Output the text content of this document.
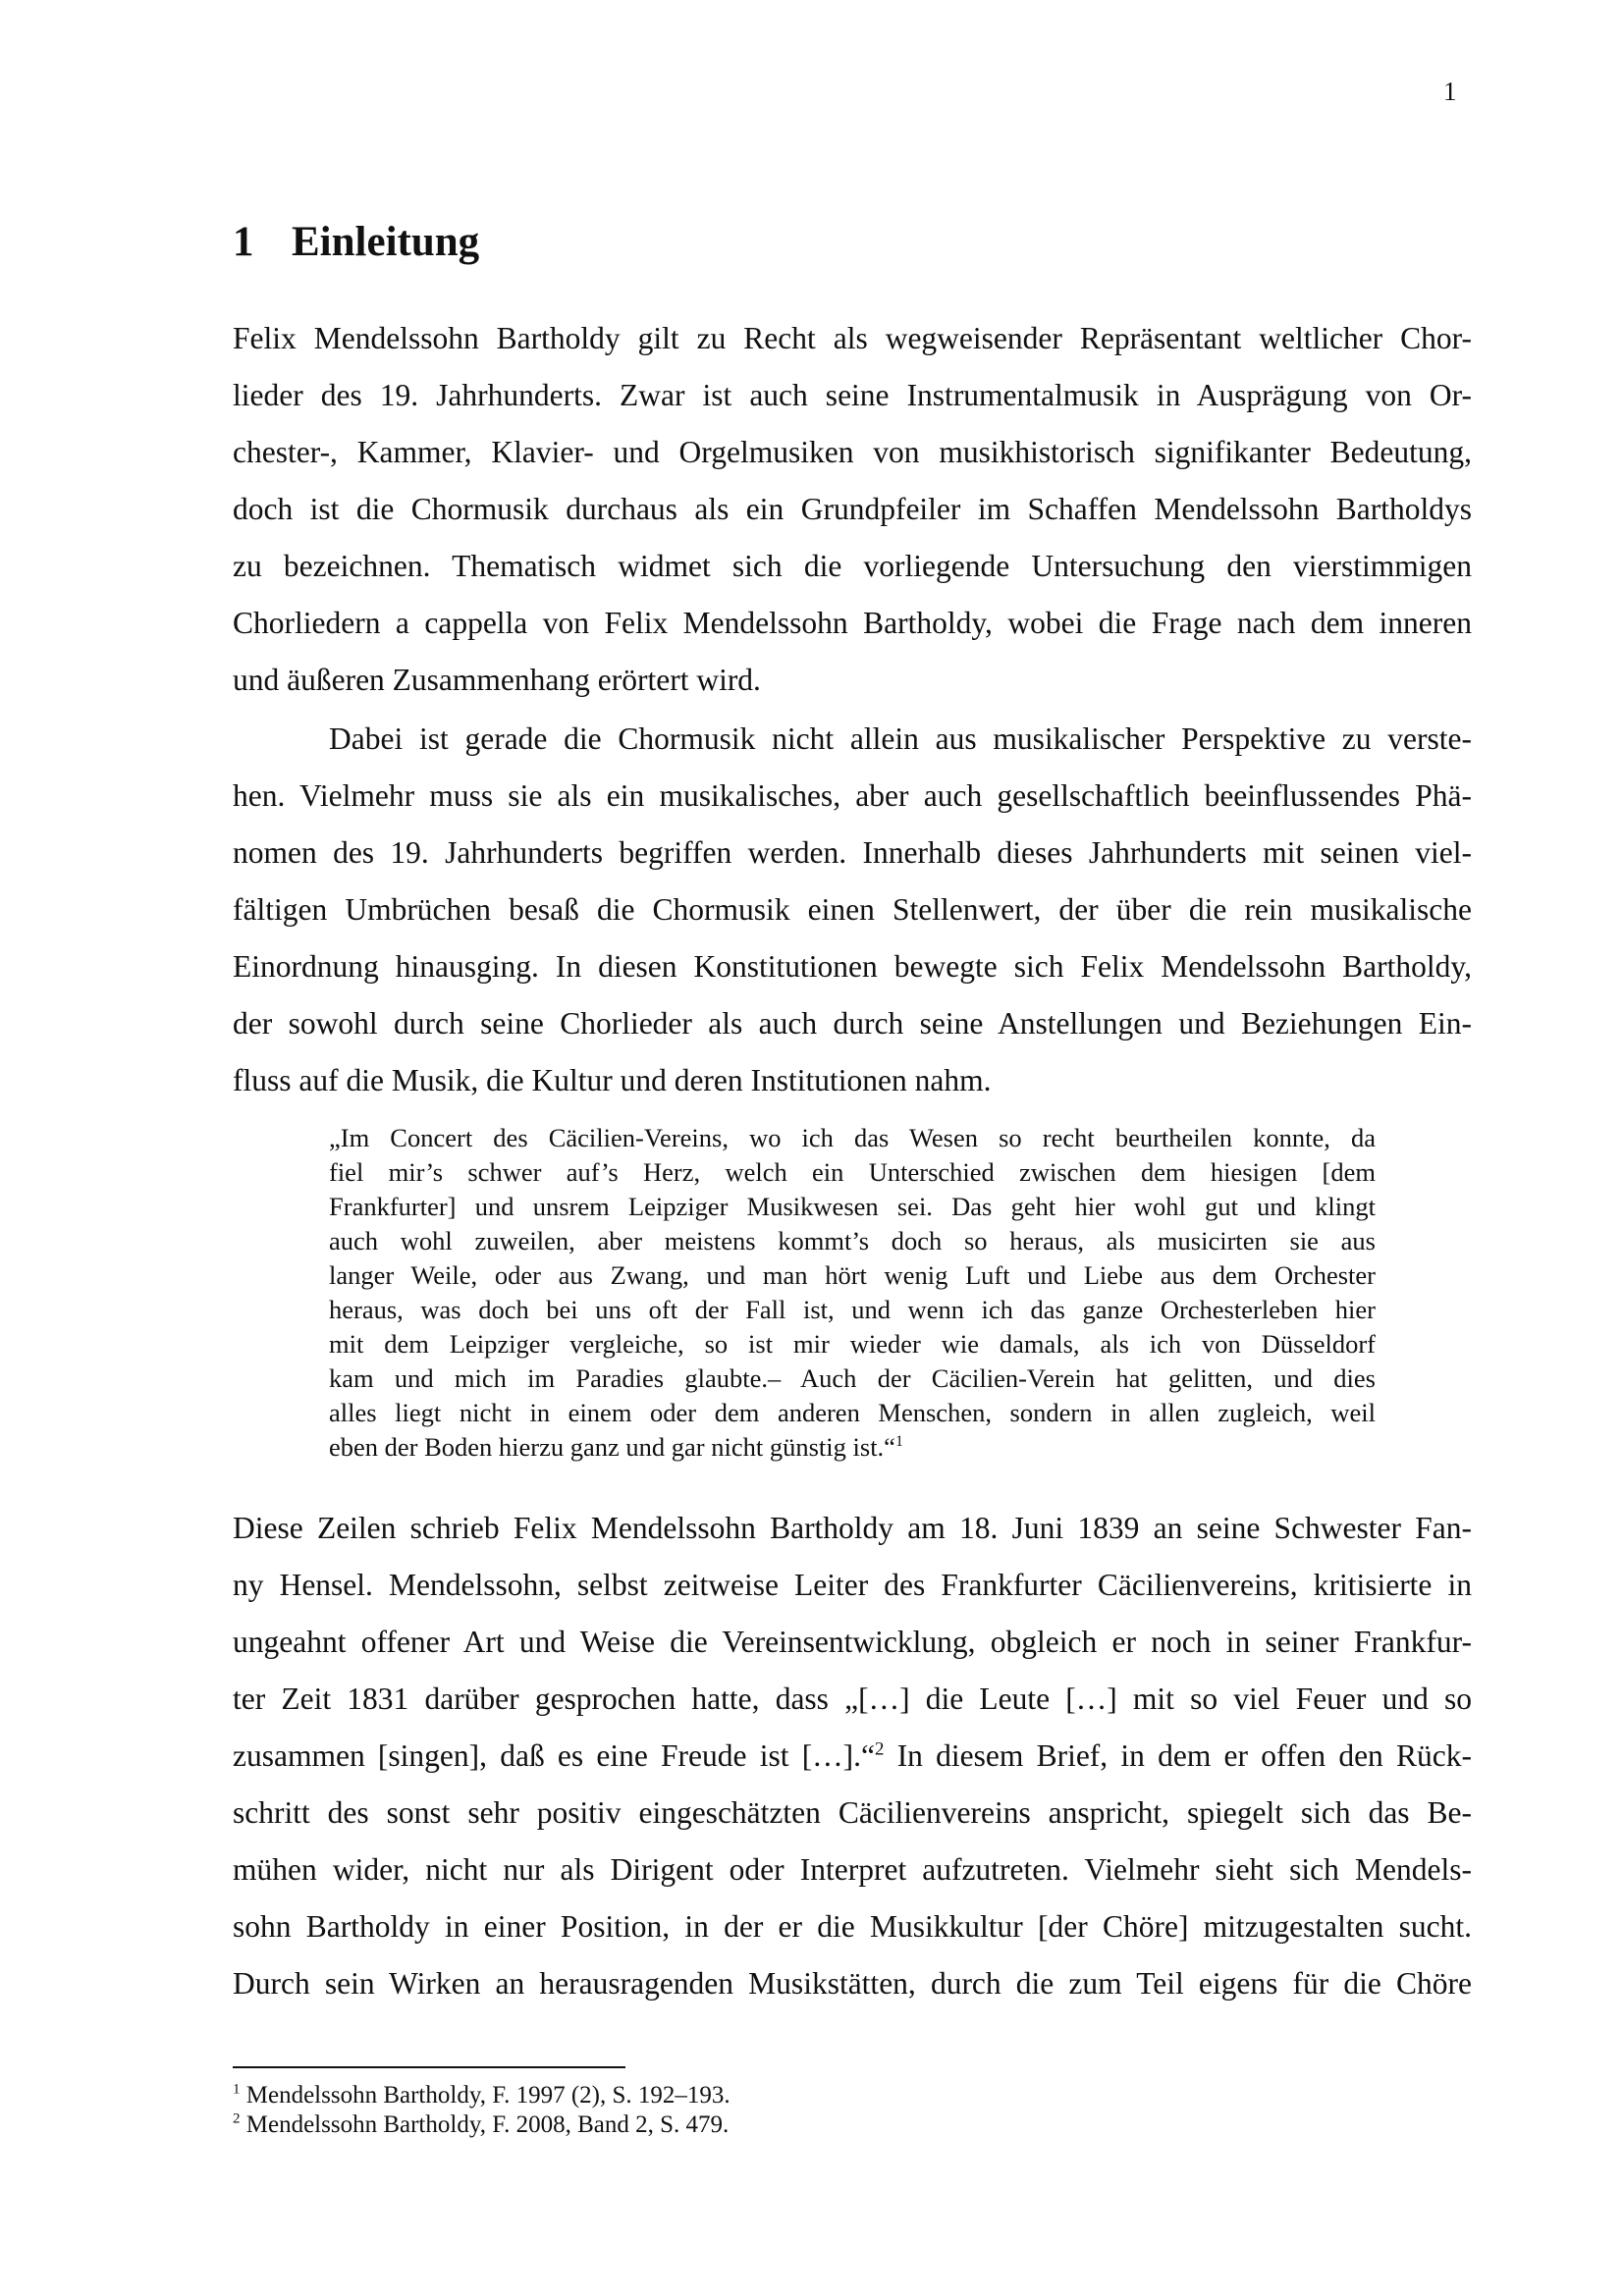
1
1 Einleitung
Felix Mendelssohn Bartholdy gilt zu Recht als wegweisender Repräsentant weltlicher Chor-
lieder des 19. Jahrhunderts. Zwar ist auch seine Instrumentalmusik in Ausprägung von Or-
chester-, Kammer, Klavier- und Orgelmusiken von musikhistorisch signifikanter Bedeutung,
doch ist die Chormusik durchaus als ein Grundpfeiler im Schaffen Mendelssohn Bartholdys
zu bezeichnen. Thematisch widmet sich die vorliegende Untersuchung den vierstimmigen
Chorliedern a cappella von Felix Mendelssohn Bartholdy, wobei die Frage nach dem inneren
und äußeren Zusammenhang erörtert wird.
Dabei ist gerade die Chormusik nicht allein aus musikalischer Perspektive zu verste-
hen. Vielmehr muss sie als ein musikalisches, aber auch gesellschaftlich beeinflussendes Phä-
nomen des 19. Jahrhunderts begriffen werden. Innerhalb dieses Jahrhunderts mit seinen viel-
fältigen Umbrüchen besaß die Chormusik einen Stellenwert, der über die rein musikalische
Einordnung hinausging. In diesen Konstitutionen bewegte sich Felix Mendelssohn Bartholdy,
der sowohl durch seine Chorlieder als auch durch seine Anstellungen und Beziehungen Ein-
fluss auf die Musik, die Kultur und deren Institutionen nahm.
„Im Concert des Cäcilien-Vereins, wo ich das Wesen so recht beurtheilen konnte, da
fiel mir’s schwer auf’s Herz, welch ein Unterschied zwischen dem hiesigen [dem
Frankfurter] und unsrem Leipziger Musikwesen sei. Das geht hier wohl gut und klingt
auch wohl zuweilen, aber meistens kommt’s doch so heraus, als musicirten sie aus
langer Weile, oder aus Zwang, und man hört wenig Luft und Liebe aus dem Orchester
heraus, was doch bei uns oft der Fall ist, und wenn ich das ganze Orchesterleben hier
mit dem Leipziger vergleiche, so ist mir wieder wie damals, als ich von Düsseldorf
kam und mich im Paradies glaubte.– Auch der Cäcilien-Verein hat gelitten, und dies
alles liegt nicht in einem oder dem anderen Menschen, sondern in allen zugleich, weil
eben der Boden hierzu ganz und gar nicht günstig ist.“$^1$
Diese Zeilen schrieb Felix Mendelssohn Bartholdy am 18. Juni 1839 an seine Schwester Fan-
ny Hensel. Mendelssohn, selbst zeitweise Leiter des Frankfurter Cäcilienvereins, kritisierte in
ungeahnt offener Art und Weise die Vereinsentwicklung, obgleich er noch in seiner Frankfur-
ter Zeit 1831 darüber gesprochen hatte, dass „[…] die Leute […] mit so viel Feuer und so
zusammen [singen], daß es eine Freude ist […].“$^2$ In diesem Brief, in dem er offen den Rück-
schritt des sonst sehr positiv eingeschätzten Cäcilienvereins anspricht, spiegelt sich das Be-
mühen wider, nicht nur als Dirigent oder Interpret aufzutreten. Vielmehr sieht sich Mendels-
sohn Bartholdy in einer Position, in der er die Musikkultur [der Chöre] mitzugestalten sucht.
Durch sein Wirken an herausragenden Musikstätten, durch die zum Teil eigens für die Chöre
$^1$ Mendelssohn Bartholdy, F. 1997 (2), S. 192–193.
$^2$ Mendelssohn Bartholdy, F. 2008, Band 2, S. 479.
